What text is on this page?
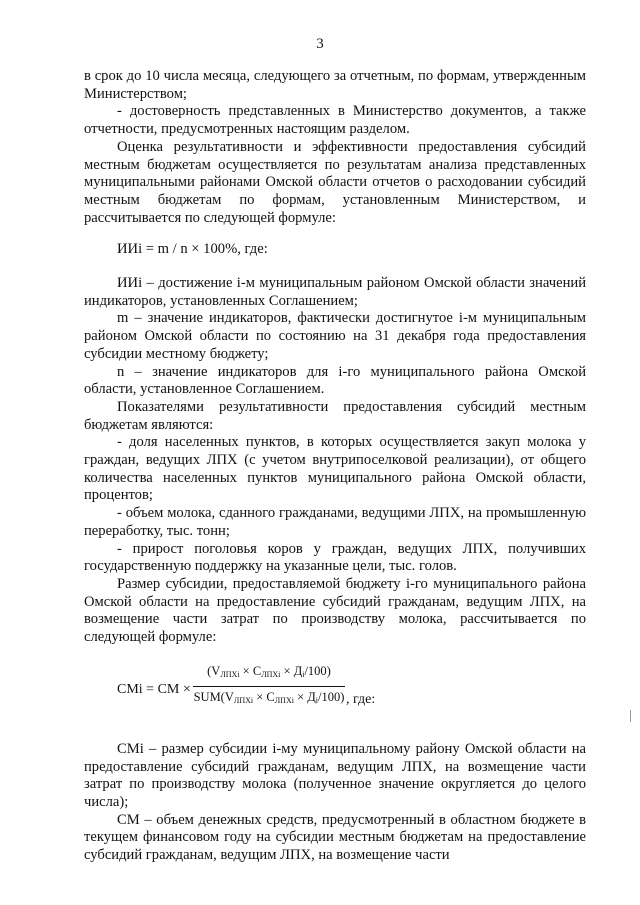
3

в срок до 10 числа месяца, следующего за отчетным, по формам, утвержденным Министерством;

- достоверность представленных в Министерство документов, а также отчетности, предусмотренных настоящим разделом.

Оценка результативности и эффективности предоставления субсидий местным бюджетам осуществляется по результатам анализа представленных муниципальными районами Омской области отчетов о расходовании субсидий местным бюджетам по формам, установленным Министерством, и рассчитывается по следующей формуле:

ИИi = m / n × 100%, где:

ИИi – достижение i-м муниципальным районом Омской области значений индикаторов, установленных Соглашением;

m – значение индикаторов, фактически достигнутое i-м муниципальным районом Омской области по состоянию на 31 декабря года предоставления субсидии местному бюджету;

n – значение индикаторов для i-го муниципального района Омской области, установленное Соглашением.

Показателями результативности предоставления субсидий местным бюджетам являются:

- доля населенных пунктов, в которых осуществляется закуп молока у граждан, ведущих ЛПХ (с учетом внутрипоселковой реализации), от общего количества населенных пунктов муниципального района Омской области, процентов;

- объем молока, сданного гражданами, ведущими ЛПХ, на промышленную переработку, тыс. тонн;

- прирост поголовья коров у граждан, ведущих ЛПХ, получивших государственную поддержку на указанные цели, тыс. голов.

Размер субсидии, предоставляемой бюджету i-го муниципального района Омской области на предоставление субсидий гражданам, ведущим ЛПХ, на возмещение части затрат по производству молока, рассчитывается по следующей формуле:

СМi = СМ ×
$(V_{ЛПХi} \times C_{ЛПХi} \times Д_i/100)$
$SUM(V_{ЛПХi} \times C_{ЛПХi} \times Д_i/100)$ , где:

СМi – размер субсидии i-му муниципальному району Омской области на предоставление субсидий гражданам, ведущим ЛПХ, на возмещение части затрат по производству молока (полученное значение округляется до целого числа);

СМ – объем денежных средств, предусмотренный в областном бюджете в текущем финансовом году на субсидии местным бюджетам на предоставление субсидий гражданам, ведущим ЛПХ, на возмещение части
